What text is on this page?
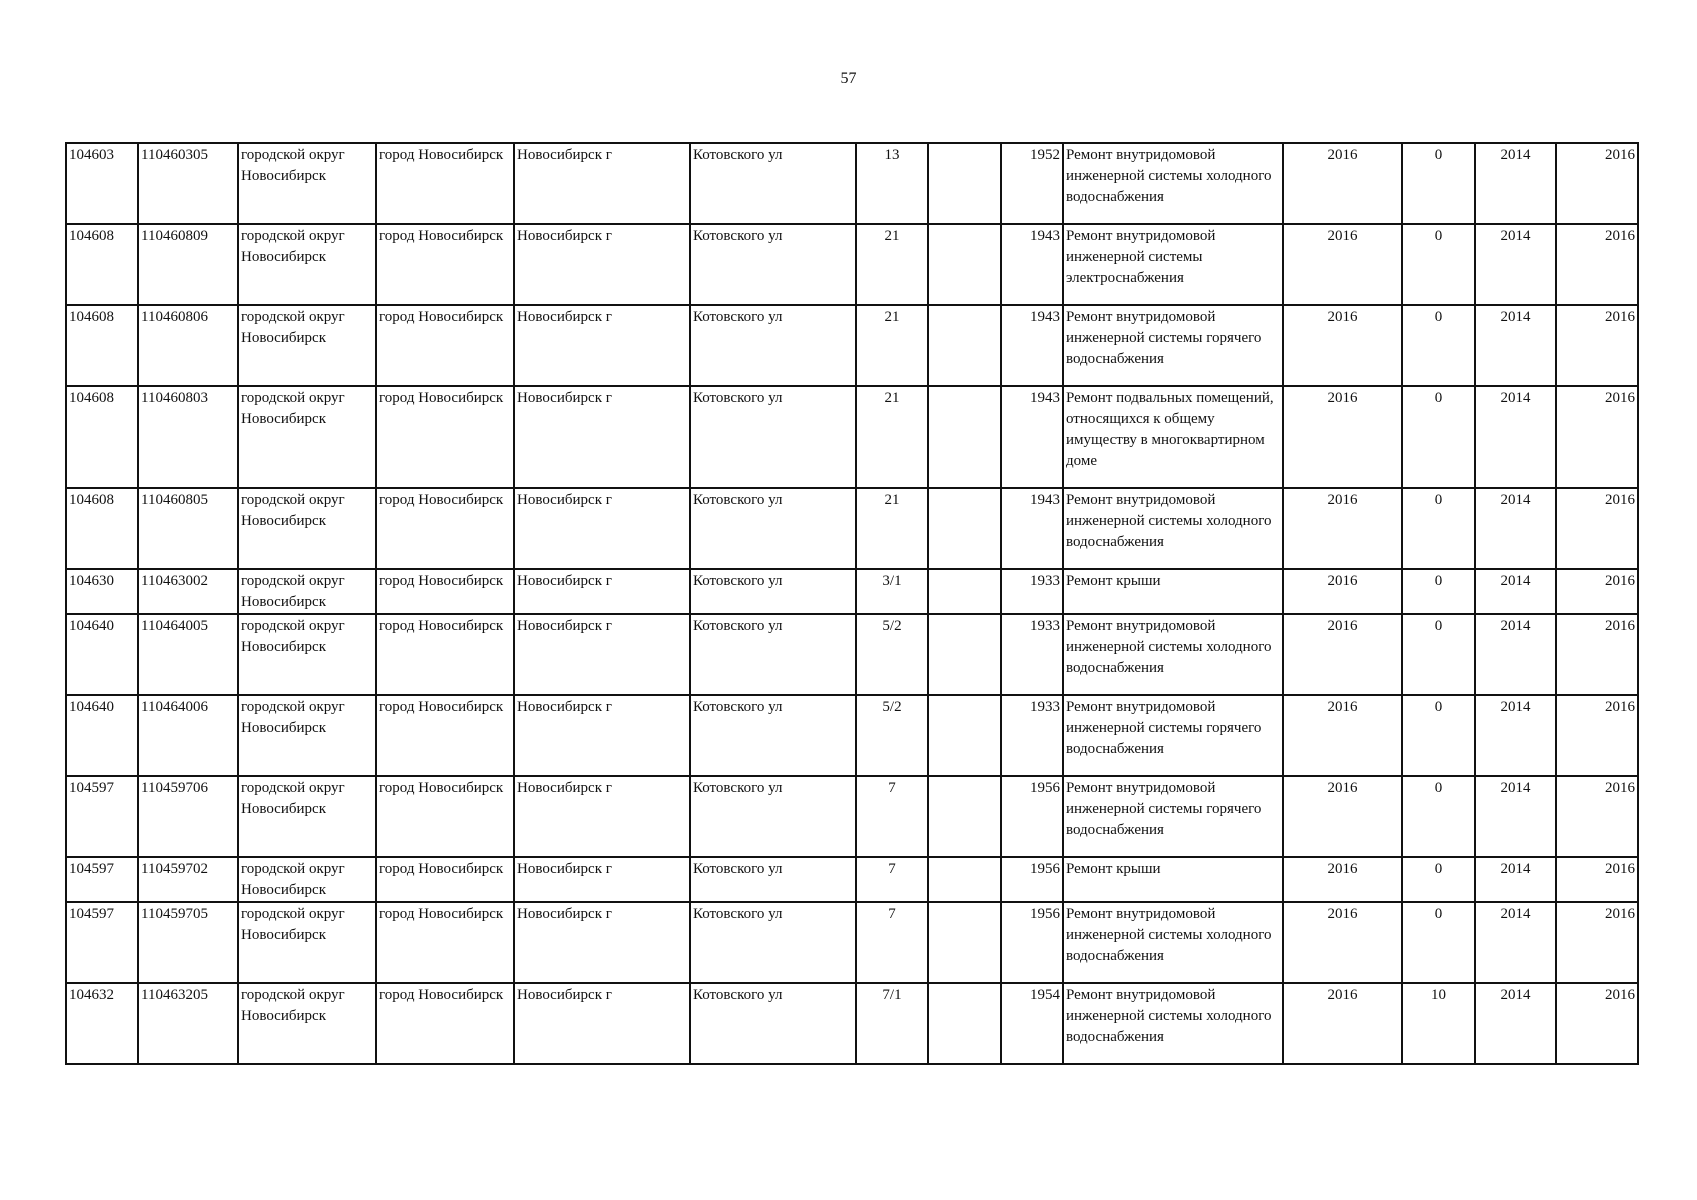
57
104603	110460305	городской округ Новосибирск	город Новосибирск	Новосибирск г	Котовского ул	13		1952	Ремонт внутридомовой инженерной системы холодного водоснабжения	2016	0	2014	2016
104608	110460809	городской округ Новосибирск	город Новосибирск	Новосибирск г	Котовского ул	21		1943	Ремонт внутридомовой инженерной системы электроснабжения	2016	0	2014	2016
104608	110460806	городской округ Новосибирск	город Новосибирск	Новосибирск г	Котовского ул	21		1943	Ремонт внутридомовой инженерной системы горячего водоснабжения	2016	0	2014	2016
104608	110460803	городской округ Новосибирск	город Новосибирск	Новосибирск г	Котовского ул	21		1943	Ремонт подвальных помещений, относящихся к общему имуществу в многоквартирном доме	2016	0	2014	2016
104608	110460805	городской округ Новосибирск	город Новосибирск	Новосибирск г	Котовского ул	21		1943	Ремонт внутридомовой инженерной системы холодного водоснабжения	2016	0	2014	2016
104630	110463002	городской округ Новосибирск	город Новосибирск	Новосибирск г	Котовского ул	3/1		1933	Ремонт крыши	2016	0	2014	2016
104640	110464005	городской округ Новосибирск	город Новосибирск	Новосибирск г	Котовского ул	5/2		1933	Ремонт внутридомовой инженерной системы холодного водоснабжения	2016	0	2014	2016
104640	110464006	городской округ Новосибирск	город Новосибирск	Новосибирск г	Котовского ул	5/2		1933	Ремонт внутридомовой инженерной системы горячего водоснабжения	2016	0	2014	2016
104597	110459706	городской округ Новосибирск	город Новосибирск	Новосибирск г	Котовского ул	7		1956	Ремонт внутридомовой инженерной системы горячего водоснабжения	2016	0	2014	2016
104597	110459702	городской округ Новосибирск	город Новосибирск	Новосибирск г	Котовского ул	7		1956	Ремонт крыши	2016	0	2014	2016
104597	110459705	городской округ Новосибирск	город Новосибирск	Новосибирск г	Котовского ул	7		1956	Ремонт внутридомовой инженерной системы холодного водоснабжения	2016	0	2014	2016
104632	110463205	городской округ Новосибирск	город Новосибирск	Новосибирск г	Котовского ул	7/1		1954	Ремонт внутридомовой инженерной системы холодного водоснабжения	2016	10	2014	2016
